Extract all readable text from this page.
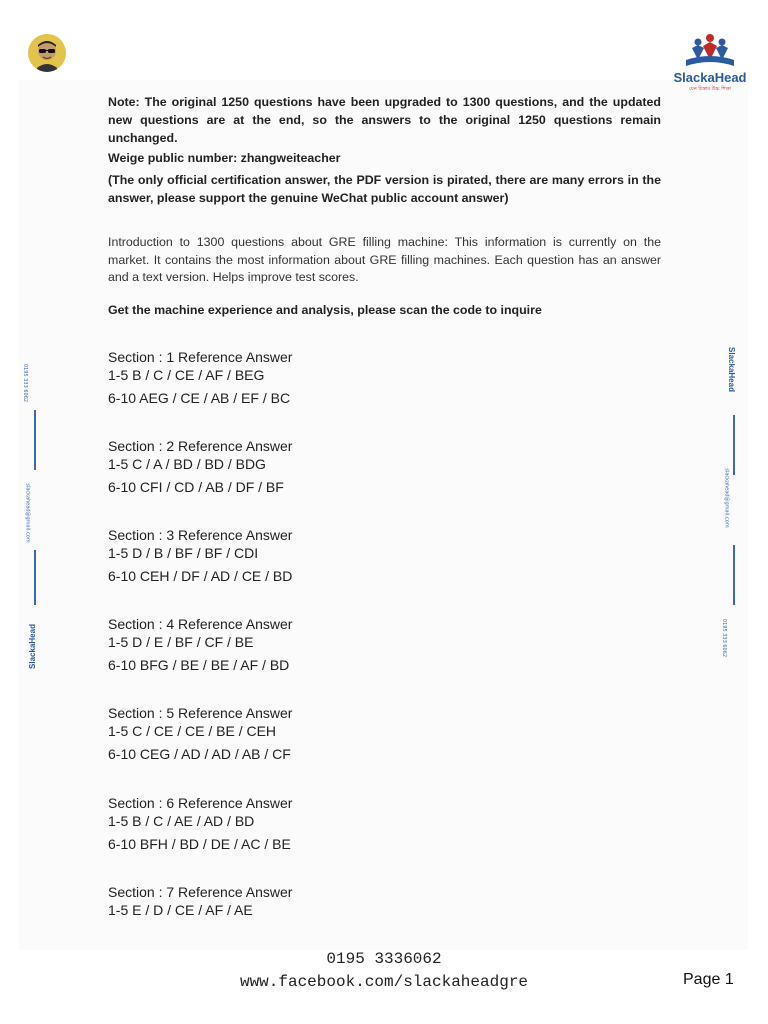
SlackaHead
যেন চিন্তার উচ্চ শিক্ষা
Note: The original 1250 questions have been upgraded to 1300 questions, and the updated new questions are at the end, so the answers to the original 1250 questions remain unchanged.
Weige public number: zhangweiteacher
(The only official certification answer, the PDF version is pirated, there are many errors in the answer, please support the genuine WeChat public account answer)
Introduction to 1300 questions about GRE filling machine: This information is currently on the market. It contains the most information about GRE filling machines. Each question has an answer and a text version. Helps improve test scores.
Get the machine experience and analysis, please scan the code to inquire
Section : 1 Reference Answer
1-5 B / C / CE / AF / BEG
6-10 AEG / CE / AB / EF / BC
Section : 2 Reference Answer
1-5 C / A / BD / BD / BDG
6-10 CFI / CD / AB / DF / BF
Section : 3 Reference Answer
1-5 D / B / BF / BF / CDI
6-10 CEH / DF / AD / CE / BD
Section : 4 Reference Answer
1-5 D / E / BF / CF / BE
6-10 BFG / BE / BE / AF / BD
Section : 5 Reference Answer
1-5 C / CE / CE / BE / CEH
6-10 CEG / AD / AD / AB / CF
Section : 6 Reference Answer
1-5 B / C / AE / AD / BD
6-10 BFH / BD / DE / AC / BE
Section : 7 Reference Answer
1-5 E / D / CE / AF / AE
0195 333 6062
slackahead@gmail.com
SlackaHead
SlackaHead
slackahead@gmail.com
0195 333 6062
0195 3336062
www.facebook.com/slackaheadgre	Page 1
